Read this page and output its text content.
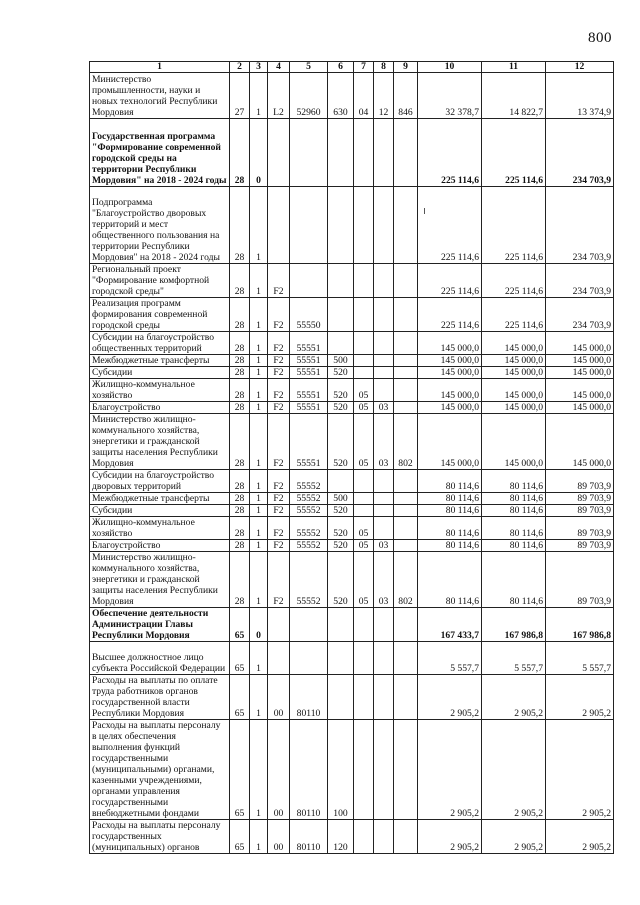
800
1	2	3	4	5	6	7	8	9	10	11	12
Министерство промышленности, науки и новых технологий Республики Мордовия	27	1	L2	52960	630	04	12	846	32 378,7	14 822,7	13 374,9
Государственная программа "Формирование современной городской среды на территории Республики Мордовия" на 2018 - 2024 годы	28	0							225 114,6	225 114,6	234 703,9
Подпрограмма "Благоустройство дворовых территорий и мест общественного пользования на территории Республики Мордовия" на 2018 - 2024 годы	28	1							225 114,6	225 114,6	234 703,9
Региональный проект "Формирование комфортной городской среды"	28	1	F2						225 114,6	225 114,6	234 703,9
Реализация программ формирования современной городской среды	28	1	F2	55550					225 114,6	225 114,6	234 703,9
Субсидии на благоустройство общественных территорий	28	1	F2	55551					145 000,0	145 000,0	145 000,0
Межбюджетные трансферты	28	1	F2	55551	500				145 000,0	145 000,0	145 000,0
Субсидии	28	1	F2	55551	520				145 000,0	145 000,0	145 000,0
Жилищно-коммунальное хозяйство	28	1	F2	55551	520	05			145 000,0	145 000,0	145 000,0
Благоустройство	28	1	F2	55551	520	05	03		145 000,0	145 000,0	145 000,0
Министерство жилищно-коммунального хозяйства, энергетики и гражданской защиты населения Республики Мордовия	28	1	F2	55551	520	05	03	802	145 000,0	145 000,0	145 000,0
Субсидии на благоустройство дворовых территорий	28	1	F2	55552					80 114,6	80 114,6	89 703,9
Межбюджетные трансферты	28	1	F2	55552	500				80 114,6	80 114,6	89 703,9
Субсидии	28	1	F2	55552	520				80 114,6	80 114,6	89 703,9
Жилищно-коммунальное хозяйство	28	1	F2	55552	520	05			80 114,6	80 114,6	89 703,9
Благоустройство	28	1	F2	55552	520	05	03		80 114,6	80 114,6	89 703,9
Министерство жилищно-коммунального хозяйства, энергетики и гражданской защиты населения Республики Мордовия	28	1	F2	55552	520	05	03	802	80 114,6	80 114,6	89 703,9
Обеспечение деятельности Администрации Главы Республики Мордовия	65	0							167 433,7	167 986,8	167 986,8
Высшее должностное лицо субъекта Российской Федерации	65	1							5 557,7	5 557,7	5 557,7
Расходы на выплаты по оплате труда работников органов государственной власти Республики Мордовия	65	1	00	80110					2 905,2	2 905,2	2 905,2
Расходы на выплаты персоналу в целях обеспечения выполнения функций государственными (муниципальными) органами, казенными учреждениями, органами управления государственными внебюджетными фондами	65	1	00	80110	100				2 905,2	2 905,2	2 905,2
Расходы на выплаты персоналу государственных (муниципальных) органов	65	1	00	80110	120				2 905,2	2 905,2	2 905,2
